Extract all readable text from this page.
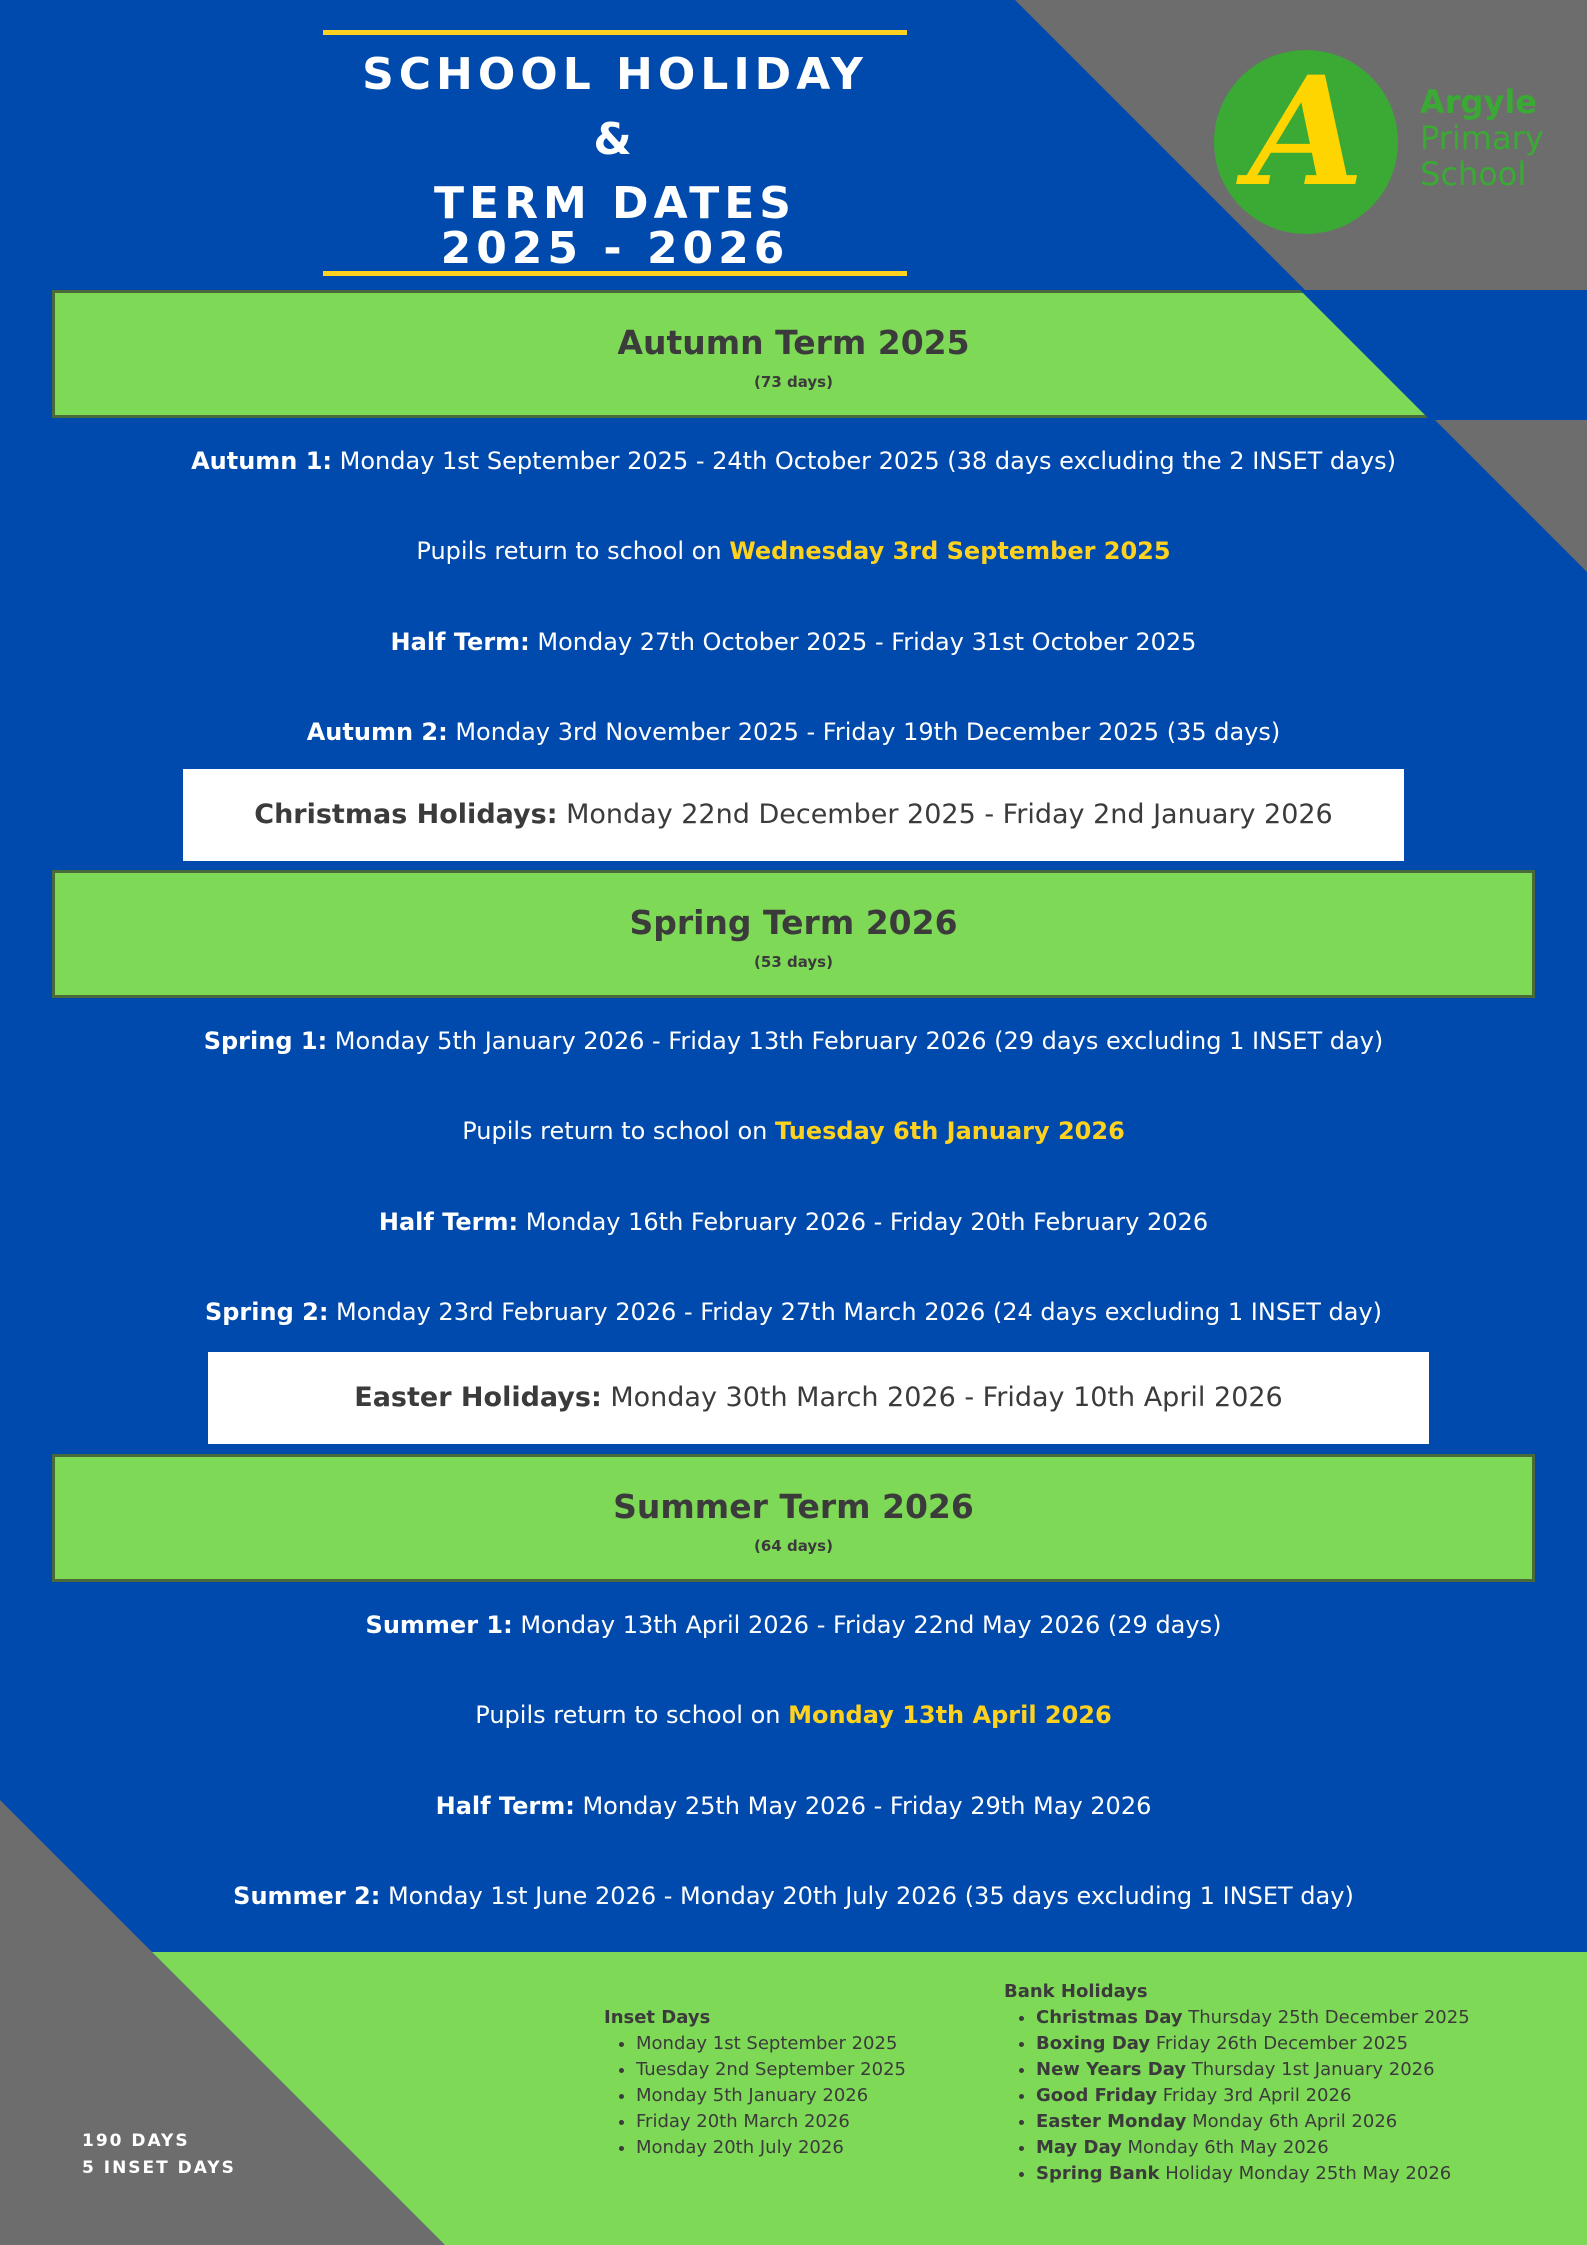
SCHOOL HOLIDAY
&
TERM DATES
2025 - 2026
A	Argyle
Primary
School
Autumn Term 2025
(73 days)
Autumn 1: Monday 1st September 2025 - 24th October 2025 (38 days excluding the 2 INSET days)
Pupils return to school on Wednesday 3rd September 2025
Half Term: Monday 27th October 2025 - Friday 31st October 2025
Autumn 2: Monday 3rd November 2025 - Friday 19th December 2025 (35 days)
Christmas Holidays: Monday 22nd December 2025 - Friday 2nd January 2026
Spring Term 2026
(53 days)
Spring 1: Monday 5th January 2026 - Friday 13th February 2026 (29 days excluding 1 INSET day)
Pupils return to school on Tuesday 6th January 2026
Half Term: Monday 16th February 2026 - Friday 20th February 2026
Spring 2: Monday 23rd February 2026 - Friday 27th March 2026 (24 days excluding 1 INSET day)
Easter Holidays: Monday 30th March 2026 - Friday 10th April 2026
Summer Term 2026
(64 days)
Summer 1: Monday 13th April 2026 - Friday 22nd May 2026 (29 days)
Pupils return to school on Monday 13th April 2026
Half Term: Monday 25th May 2026 - Friday 29th May 2026
Summer 2: Monday 1st June 2026 - Monday 20th July 2026 (35 days excluding 1 INSET day)
190 DAYS
5 INSET DAYS
Inset Days
• Monday 1st September 2025
• Tuesday 2nd September 2025
• Monday 5th January 2026
• Friday 20th March 2026
• Monday 20th July 2026
Bank Holidays
• Christmas Day Thursday 25th December 2025
• Boxing Day Friday 26th December 2025
• New Years Day Thursday 1st January 2026
• Good Friday Friday 3rd April 2026
• Easter Monday Monday 6th April 2026
• May Day Monday 6th May 2026
• Spring Bank Holiday Monday 25th May 2026
